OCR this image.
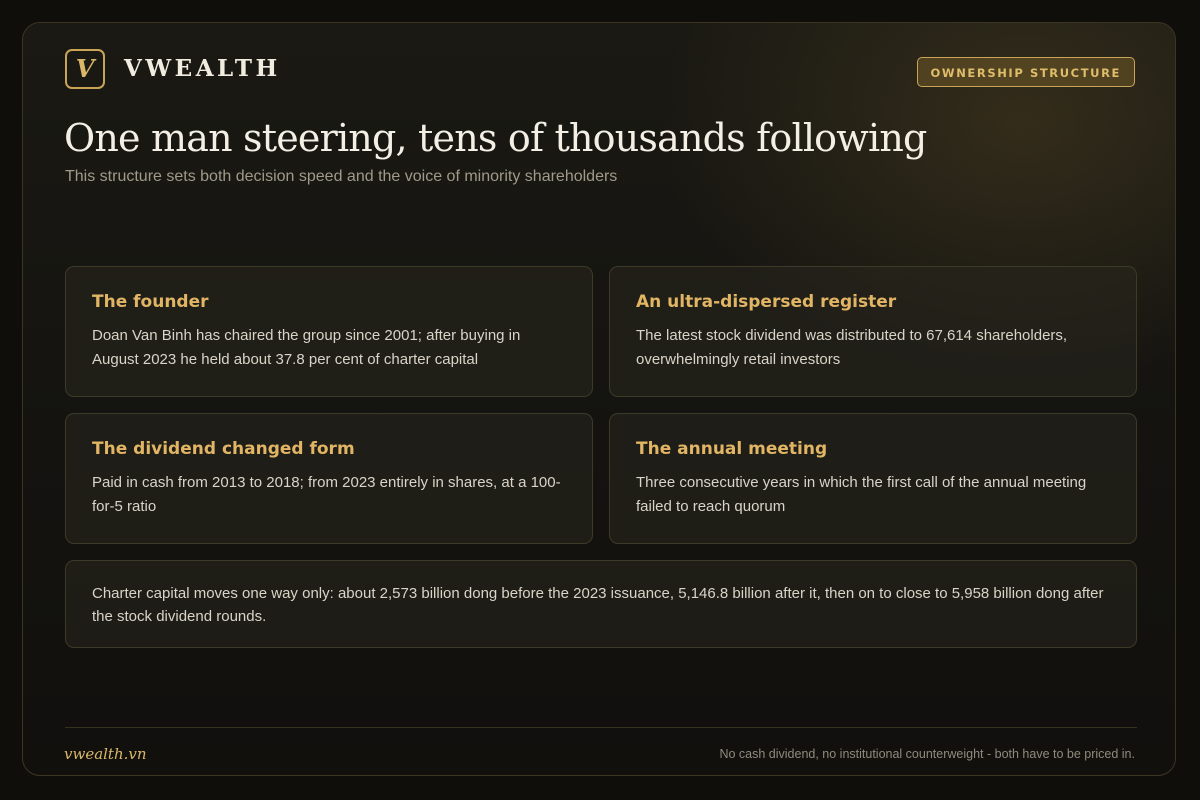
V	VWEALTH	OWNERSHIP STRUCTURE
One man steering, tens of thousands following
This structure sets both decision speed and the voice of minority shareholders
The founder
Doan Van Binh has chaired the group since 2001; after buying in August 2023 he held about 37.8 per cent of charter capital
An ultra-dispersed register
The latest stock dividend was distributed to 67,614 shareholders, overwhelmingly retail investors
The dividend changed form
Paid in cash from 2013 to 2018; from 2023 entirely in shares, at a 100-for-5 ratio
The annual meeting
Three consecutive years in which the first call of the annual meeting failed to reach quorum
Charter capital moves one way only: about 2,573 billion dong before the 2023 issuance, 5,146.8 billion after it, then on to close to 5,958 billion dong after the stock dividend rounds.
vwealth.vn	No cash dividend, no institutional counterweight - both have to be priced in.
